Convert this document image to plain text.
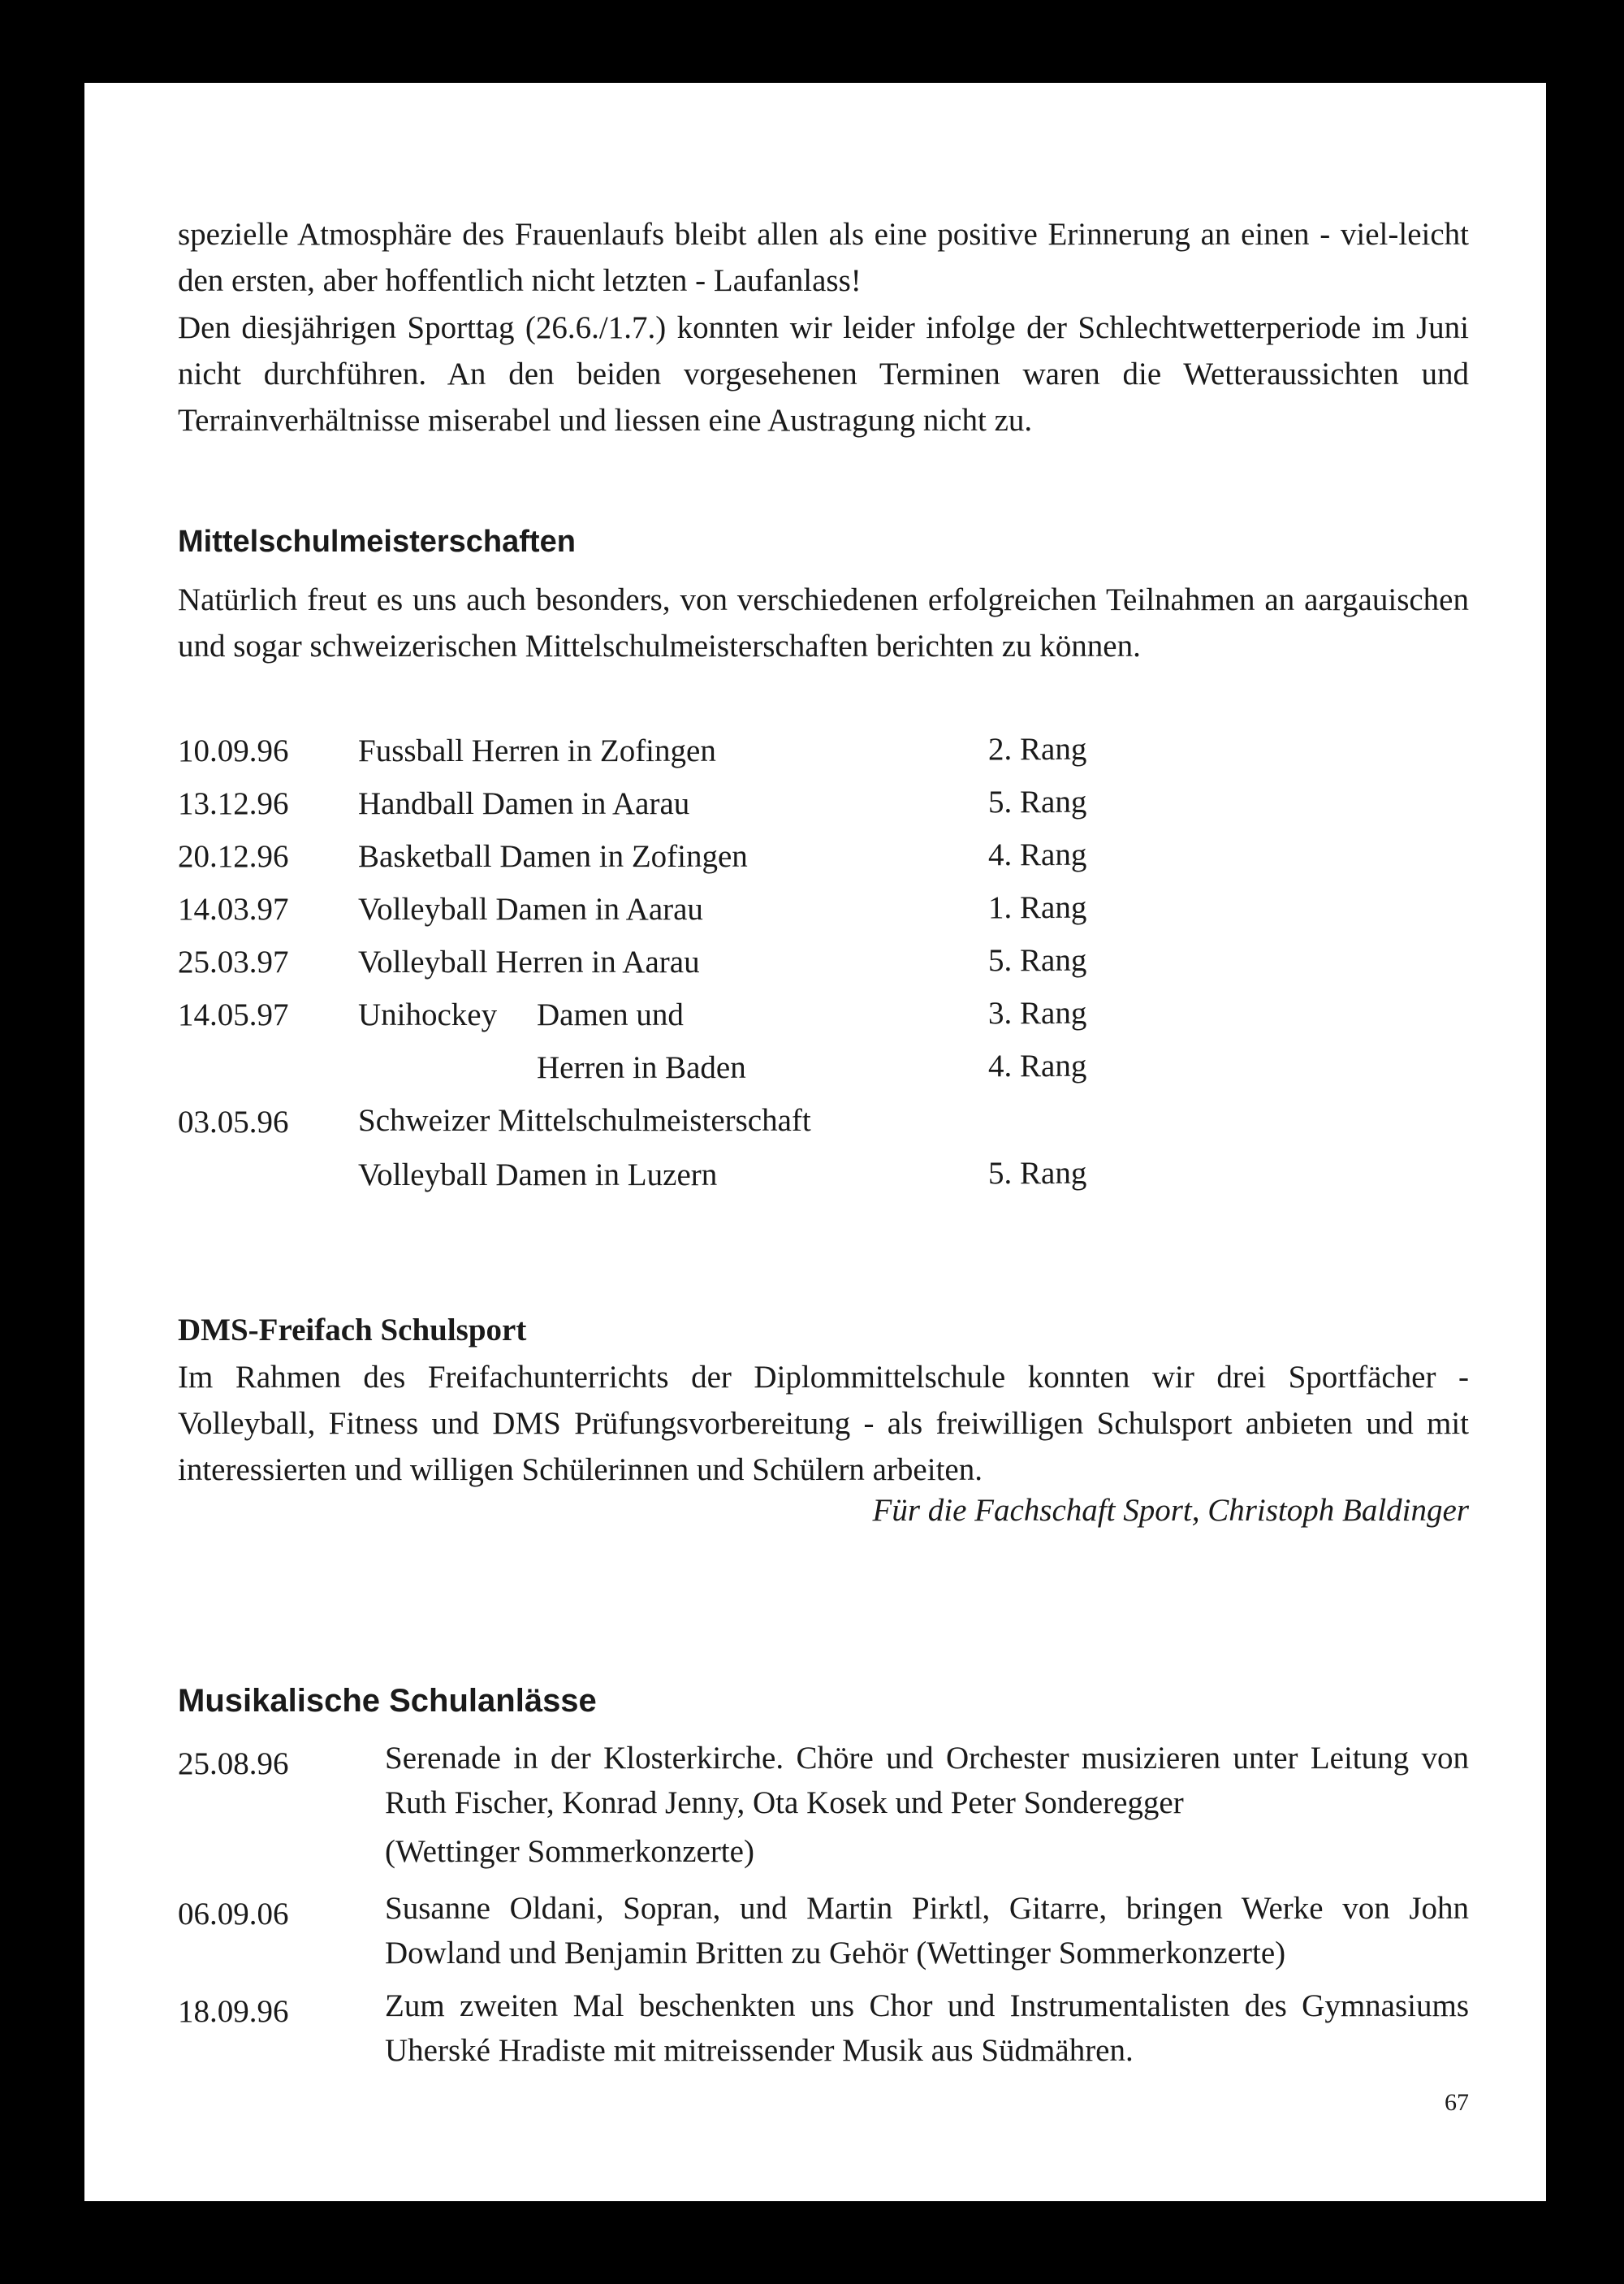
spezielle Atmosphäre des Frauenlaufs bleibt allen als eine positive Erinnerung an einen - viel-leicht den ersten, aber hoffentlich nicht letzten - Laufanlass!

Den diesjährigen Sporttag (26.6./1.7.) konnten wir leider infolge der Schlechtwetterperiode im Juni nicht durchführen. An den beiden vorgesehenen Terminen waren die Wetteraussichten und Terrainverhältnisse miserabel und liessen eine Austragung nicht zu.

Mittelschulmeisterschaften

Natürlich freut es uns auch besonders, von verschiedenen erfolgreichen Teilnahmen an aargauischen und sogar schweizerischen Mittelschulmeisterschaften berichten zu können.

10.09.96 Fussball Herren in Zofingen	2. Rang
13.12.96 Handball Damen in Aarau	5. Rang
20.12.96 Basketball Damen in Zofingen	4. Rang
14.03.97 Volleyball Damen in Aarau	1. Rang
25.03.97 Volleyball Herren in Aarau	5. Rang
14.05.97 Unihockey Damen und	3. Rang
Herren in Baden	4. Rang
03.05.96 Schweizer Mittelschulmeisterschaft
Volleyball Damen in Luzern	5. Rang
DMS-Freifach Schulsport

Im Rahmen des Freifachunterrichts der Diplommittelschule konnten wir drei Sportfächer - Volleyball, Fitness und DMS Prüfungsvorbereitung - als freiwilligen Schulsport anbieten und mit interessierten und willigen Schülerinnen und Schülern arbeiten.

Für die Fachschaft Sport, Christoph Baldinger
Musikalische Schulanlässe
25.08.96	Serenade in der Klosterkirche. Chöre und Orchester musizieren unter Leitung von Ruth Fischer, Konrad Jenny, Ota Kosek und Peter Sonderegger

(Wettinger Sommerkonzerte)
06.09.06	Susanne Oldani, Sopran, und Martin Pirktl, Gitarre, bringen Werke von John Dowland und Benjamin Britten zu Gehör (Wettinger Sommerkonzerte)

18.09.96	Zum zweiten Mal beschenkten uns Chor und Instrumentalisten des Gymnasiums Uherské Hradiste mit mitreissender Musik aus Südmähren.

67
